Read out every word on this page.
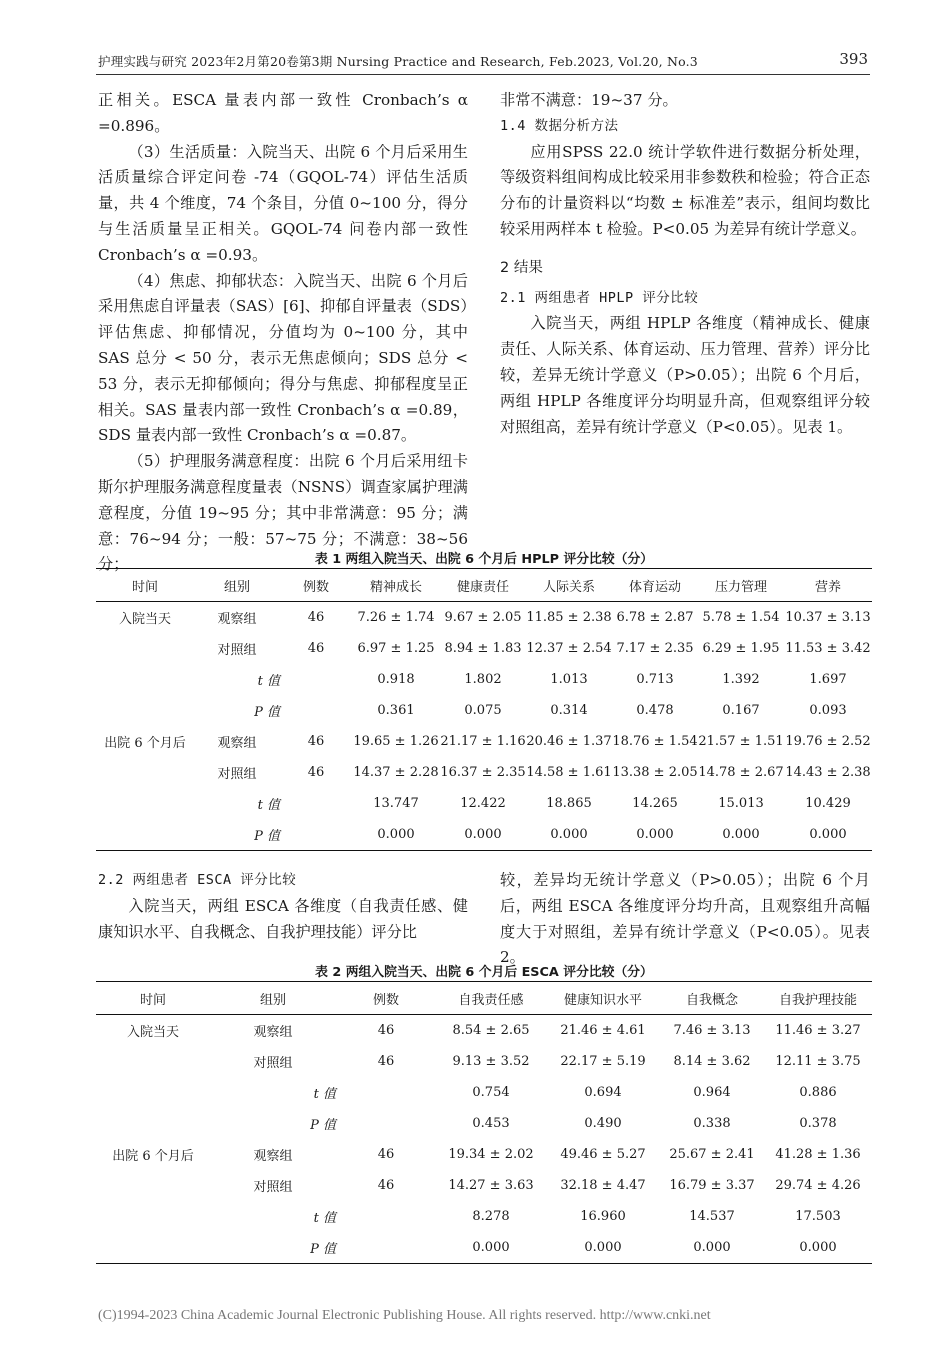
护理实践与研究 2023年2月第20卷第3期 Nursing Practice and Research, Feb.2023, Vol.20, No.3	393

正相关。ESCA 量表内部一致性 Cronbach’s α =0.896。

（3）生活质量：入院当天、出院 6 个月后采用生活质量综合评定问卷 -74（GQOL-74）评估生活质量，共 4 个维度，74 个条目，分值 0~100 分，得分与生活质量呈正相关。GQOL-74 问卷内部一致性 Cronbach’s α =0.93。

（4）焦虑、抑郁状态：入院当天、出院 6 个月后采用焦虑自评量表（SAS）[6]、抑郁自评量表（SDS）评估焦虑、抑郁情况，分值均为 0~100 分，其中 SAS 总分 < 50 分，表示无焦虑倾向；SDS 总分 < 53 分，表示无抑郁倾向；得分与焦虑、抑郁程度呈正相关。SAS 量表内部一致性 Cronbach’s α =0.89，SDS 量表内部一致性 Cronbach’s α =0.87。

（5）护理服务满意程度：出院 6 个月后采用纽卡斯尔护理服务满意程度量表（NSNS）调查家属护理满意程度，分值 19~95 分；其中非常满意：95 分；满意：76~94 分；一般：57~75 分；不满意：38~56 分；

非常不满意：19~37 分。

1.4 数据分析方法

应用SPSS 22.0 统计学软件进行数据分析处理，等级资料组间构成比较采用非参数秩和检验；符合正态分布的计量资料以“均数 ± 标准差”表示，组间均数比较采用两样本 t 检验。P<0.05 为差异有统计学意义。

2 结果

2.1 两组患者 HPLP 评分比较

入院当天，两组 HPLP 各维度（精神成长、健康责任、人际关系、体育运动、压力管理、营养）评分比较，差异无统计学意义（P>0.05）；出院 6 个月后，两组 HPLP 各维度评分均明显升高，但观察组评分较对照组高，差异有统计学意义（P<0.05）。见表 1。

表 1 两组入院当天、出院 6 个月后 HPLP 评分比较（分）
时间	组别	例数	精神成长	健康责任	人际关系	体育运动	压力管理	营养
入院当天	观察组	46	7.26 ± 1.74	9.67 ± 2.05	11.85 ± 2.38	6.78 ± 2.87	5.78 ± 1.54	10.37 ± 3.13
	对照组	46	6.97 ± 1.25	8.94 ± 1.83	12.37 ± 2.54	7.17 ± 2.35	6.29 ± 1.95	11.53 ± 3.42
	t 值		0.918	1.802	1.013	0.713	1.392	1.697
	P 值		0.361	0.075	0.314	0.478	0.167	0.093
出院 6 个月后	观察组	46	19.65 ± 1.26	21.17 ± 1.16	20.46 ± 1.37	18.76 ± 1.54	21.57 ± 1.51	19.76 ± 2.52
	对照组	46	14.37 ± 2.28	16.37 ± 2.35	14.58 ± 1.61	13.38 ± 2.05	14.78 ± 2.67	14.43 ± 2.38
	t 值		13.747	12.422	18.865	14.265	15.013	10.429
	P 值		0.000	0.000	0.000	0.000	0.000	0.000

2.2 两组患者 ESCA 评分比较

入院当天，两组 ESCA 各维度（自我责任感、健康知识水平、自我概念、自我护理技能）评分比

较，差异均无统计学意义（P>0.05）；出院 6 个月后，两组 ESCA 各维度评分均升高，且观察组升高幅度大于对照组，差异有统计学意义（P<0.05）。见表 2。

表 2 两组入院当天、出院 6 个月后 ESCA 评分比较（分）
时间	组别	例数	自我责任感	健康知识水平	自我概念	自我护理技能
入院当天	观察组	46	8.54 ± 2.65	21.46 ± 4.61	7.46 ± 3.13	11.46 ± 3.27
	对照组	46	9.13 ± 3.52	22.17 ± 5.19	8.14 ± 3.62	12.11 ± 3.75
	t 值		0.754	0.694	0.964	0.886
	P 值		0.453	0.490	0.338	0.378
出院 6 个月后	观察组	46	19.34 ± 2.02	49.46 ± 5.27	25.67 ± 2.41	41.28 ± 1.36
	对照组	46	14.27 ± 3.63	32.18 ± 4.47	16.79 ± 3.37	29.74 ± 4.26
	t 值		8.278	16.960	14.537	17.503
	P 值		0.000	0.000	0.000	0.000
(C)1994-2023 China Academic Journal Electronic Publishing House. All rights reserved. http://www.cnki.net
